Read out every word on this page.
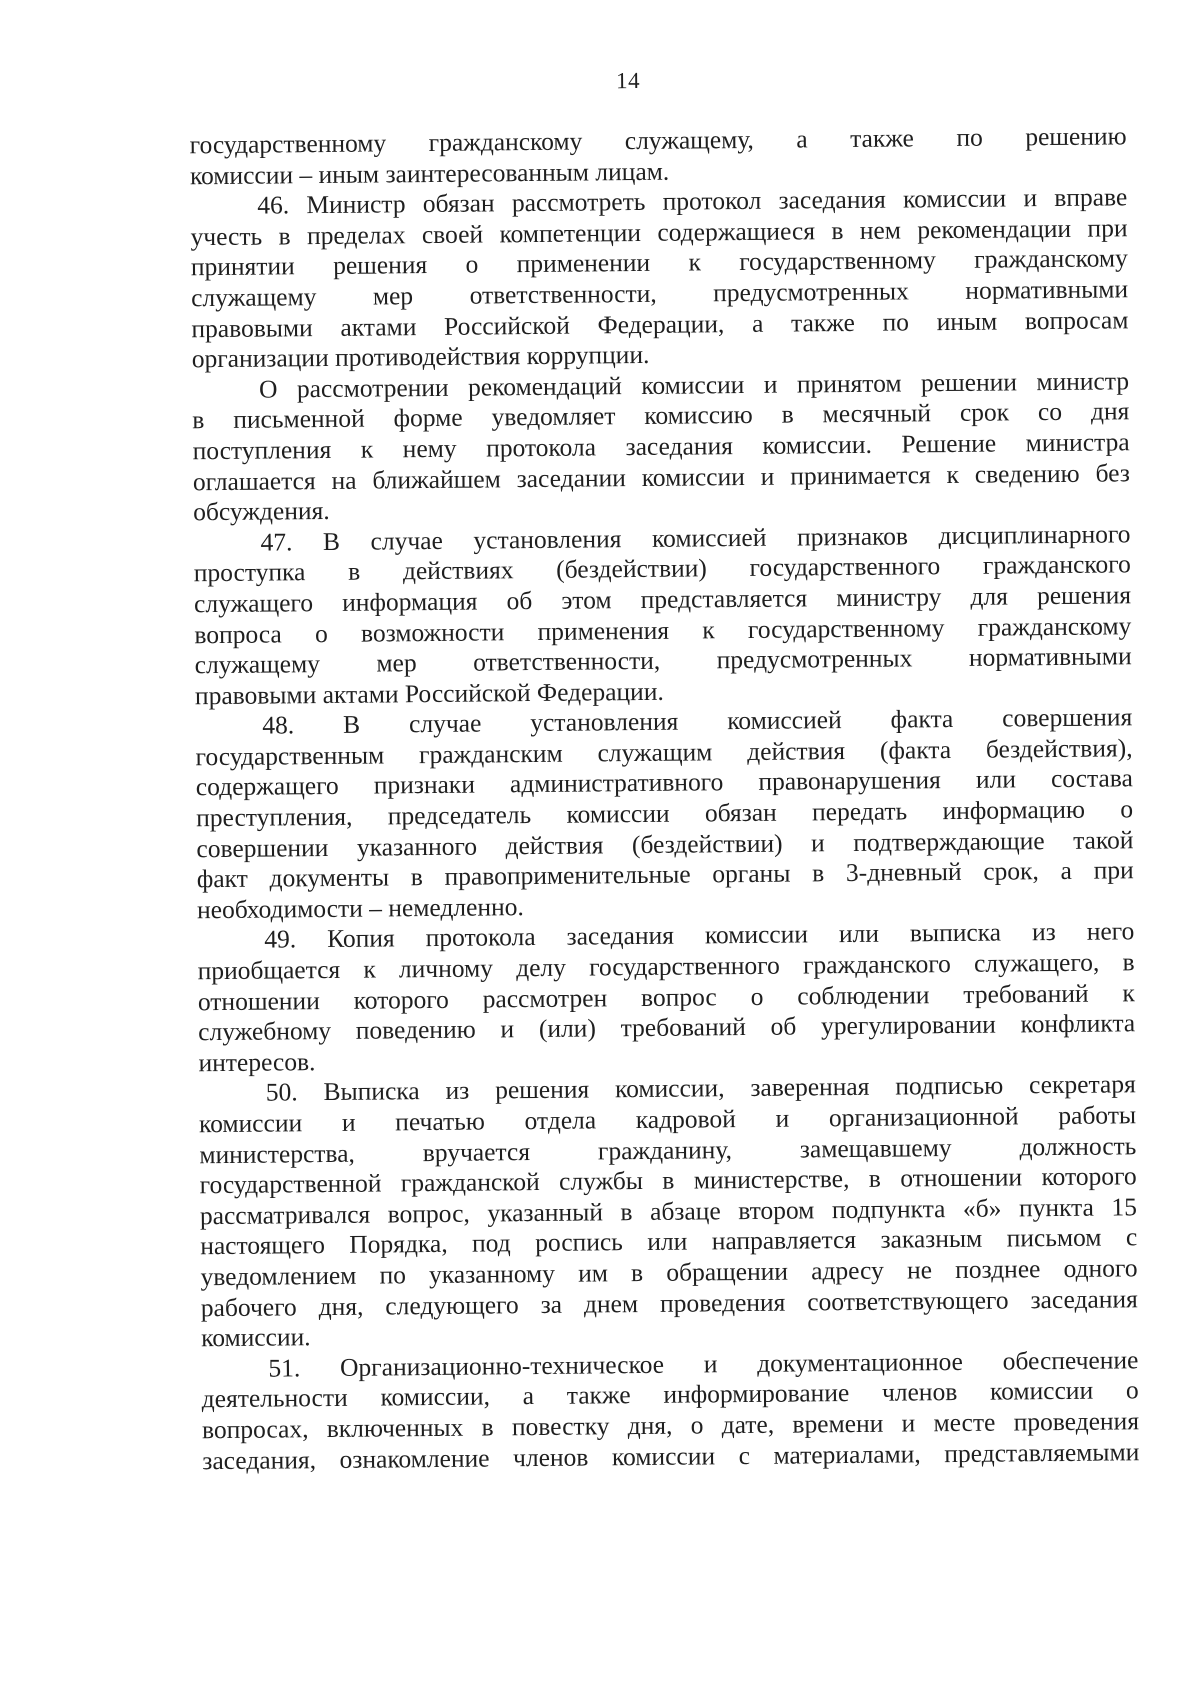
14
государственному гражданскому служащему, а также по решению
комиссии – иным заинтересованным лицам.
46. Министр обязан рассмотреть протокол заседания комиссии и вправе
учесть в пределах своей компетенции содержащиеся в нем рекомендации при
принятии решения о применении к государственному гражданскому
служащему мер ответственности, предусмотренных нормативными
правовыми актами Российской Федерации, а также по иным вопросам
организации противодействия коррупции.
О рассмотрении рекомендаций комиссии и принятом решении министр
в письменной форме уведомляет комиссию в месячный срок со дня
поступления к нему протокола заседания комиссии. Решение министра
оглашается на ближайшем заседании комиссии и принимается к сведению без
обсуждения.
47. В случае установления комиссией признаков дисциплинарного
проступка в действиях (бездействии) государственного гражданского
служащего информация об этом представляется министру для решения
вопроса о возможности применения к государственному гражданскому
служащему мер ответственности, предусмотренных нормативными
правовыми актами Российской Федерации.
48. В случае установления комиссией факта совершения
государственным гражданским служащим действия (факта бездействия),
содержащего признаки административного правонарушения или состава
преступления, председатель комиссии обязан передать информацию о
совершении указанного действия (бездействии) и подтверждающие такой
факт документы в правоприменительные органы в 3-дневный срок, а при
необходимости – немедленно.
49. Копия протокола заседания комиссии или выписка из него
приобщается к личному делу государственного гражданского служащего, в
отношении которого рассмотрен вопрос о соблюдении требований к
служебному поведению и (или) требований об урегулировании конфликта
интересов.
50. Выписка из решения комиссии, заверенная подписью секретаря
комиссии и печатью отдела кадровой и организационной работы
министерства, вручается гражданину, замещавшему должность
государственной гражданской службы в министерстве, в отношении которого
рассматривался вопрос, указанный в абзаце втором подпункта «б» пункта 15
настоящего Порядка, под роспись или направляется заказным письмом с
уведомлением по указанному им в обращении адресу не позднее одного
рабочего дня, следующего за днем проведения соответствующего заседания
комиссии.
51. Организационно-техническое и документационное обеспечение
деятельности комиссии, а также информирование членов комиссии о
вопросах, включенных в повестку дня, о дате, времени и месте проведения
заседания, ознакомление членов комиссии с материалами, представляемыми
